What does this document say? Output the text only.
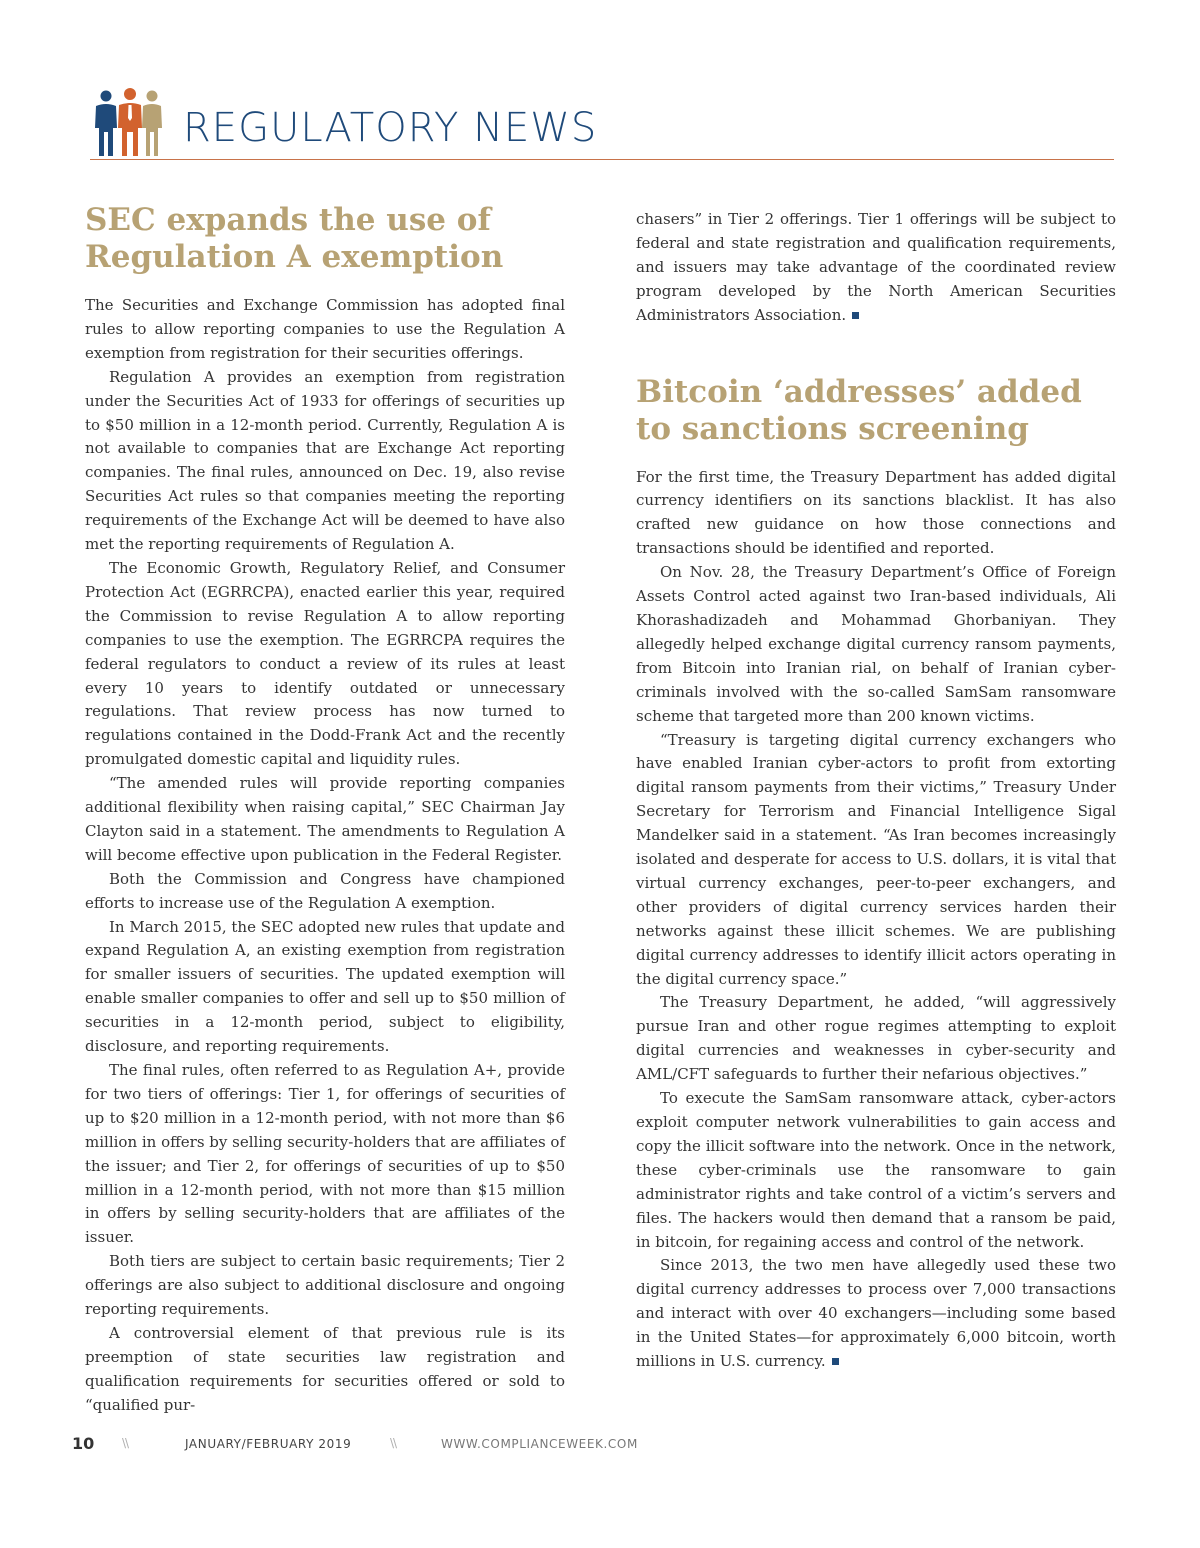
REGULATORY NEWS
SEC expands the use of Regulation A exemption

The Securities and Exchange Commission has adopted final rules to allow reporting companies to use the Regulation A exemption from registration for their securities offerings.

Regulation A provides an exemption from registration under the Securities Act of 1933 for offerings of securities up to $50 million in a 12-month period. Currently, Regulation A is not available to companies that are Exchange Act reporting companies. The final rules, announced on Dec. 19, also revise Securities Act rules so that companies meeting the reporting requirements of the Exchange Act will be deemed to have also met the reporting requirements of Regulation A.

The Economic Growth, Regulatory Relief, and Consumer Protection Act (EGRRCPA), enacted earlier this year, required the Commission to revise Regulation A to allow reporting companies to use the exemption. The EGRRCPA requires the federal regulators to conduct a review of its rules at least every 10 years to identify outdated or unnecessary regulations. That review process has now turned to regulations contained in the Dodd-Frank Act and the recently promulgated domestic capital and liquidity rules.

“The amended rules will provide reporting companies additional flexibility when raising capital,” SEC Chairman Jay Clayton said in a statement. The amendments to Regulation A will become effective upon publication in the Federal Register.

Both the Commission and Congress have championed efforts to increase use of the Regulation A exemption.

In March 2015, the SEC adopted new rules that update and expand Regulation A, an existing exemption from registration for smaller issuers of securities. The updated exemption will enable smaller companies to offer and sell up to $50 million of securities in a 12-month period, subject to eligibility, disclosure, and reporting requirements.

The final rules, often referred to as Regulation A+, provide for two tiers of offerings: Tier 1, for offerings of securities of up to $20 million in a 12-month period, with not more than $6 million in offers by selling security-holders that are affiliates of the issuer; and Tier 2, for offerings of securities of up to $50 million in a 12-month period, with not more than $15 million in offers by selling security-holders that are affiliates of the issuer.

Both tiers are subject to certain basic requirements; Tier 2 offerings are also subject to additional disclosure and ongoing reporting requirements.

A controversial element of that previous rule is its preemption of state securities law registration and qualification requirements for securities offered or sold to “qualified pur-

chasers” in Tier 2 offerings. Tier 1 offerings will be subject to federal and state registration and qualification requirements, and issuers may take advantage of the coordinated review program developed by the North American Securities Administrators Association.

Bitcoin ‘addresses’ added to sanctions screening

For the first time, the Treasury Department has added digital currency identifiers on its sanctions blacklist. It has also crafted new guidance on how those connections and transactions should be identified and reported.

On Nov. 28, the Treasury Department’s Office of Foreign Assets Control acted against two Iran-based individuals, Ali Khorashadizadeh and Mohammad Ghorbaniyan. They allegedly helped exchange digital currency ransom payments, from Bitcoin into Iranian rial, on behalf of Iranian cyber-criminals involved with the so-called SamSam ransomware scheme that targeted more than 200 known victims.

“Treasury is targeting digital currency exchangers who have enabled Iranian cyber-actors to profit from extorting digital ransom payments from their victims,” Treasury Under Secretary for Terrorism and Financial Intelligence Sigal Mandelker said in a statement. “As Iran becomes increasingly isolated and desperate for access to U.S. dollars, it is vital that virtual currency exchanges, peer-to-peer exchangers, and other providers of digital currency services harden their networks against these illicit schemes. We are publishing digital currency addresses to identify illicit actors operating in the digital currency space.”

The Treasury Department, he added, “will aggressively pursue Iran and other rogue regimes attempting to exploit digital currencies and weaknesses in cyber-security and AML/CFT safeguards to further their nefarious objectives.”

To execute the SamSam ransomware attack, cyber-actors exploit computer network vulnerabilities to gain access and copy the illicit software into the network. Once in the network, these cyber-criminals use the ransomware to gain administrator rights and take control of a victim’s servers and files. The hackers would then demand that a ransom be paid, in bitcoin, for regaining access and control of the network.

Since 2013, the two men have allegedly used these two digital currency addresses to process over 7,000 transactions and interact with over 40 exchangers—including some based in the United States—for approximately 6,000 bitcoin, worth millions in U.S. currency.

10 \\	JANUARY/FEBRUARY 2019	\\	WWW.COMPLIANCEWEEK.COM
